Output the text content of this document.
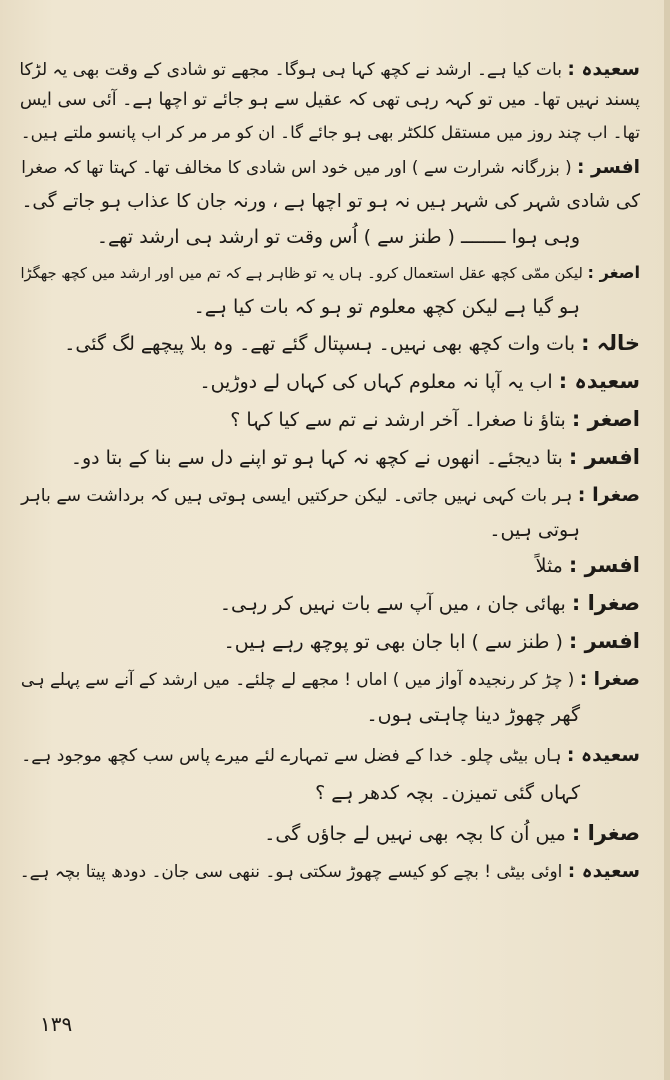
سعیدہ : بات کیا ہے۔ ارشد نے کچھ کہا ہی ہوگا۔ مجھے تو شادی کے وقت بھی یہ لڑکا
پسند نہیں تھا۔ میں تو کہہ رہی تھی کہ عقیل سے ہو جائے تو اچھا ہے۔ آئی سی ایس
تھا۔ اب چند روز میں مستقل کلکٹر بھی ہو جائے گا۔ ان کو مر مر کر اب پانسو ملتے ہیں۔
افسر : ( بزرگانہ شرارت سے ) اور میں خود اس شادی کا مخالف تھا۔ کہتا تھا کہ صغرا
کی شادی شہر کی شہر ہیں نہ ہو تو اچھا ہے ، ورنہ جان کا عذاب ہو جاتے گی۔
وہی ہوا ــــــــ ( طنز سے ) اُس وقت تو ارشد ہی ارشد تھے۔
اصغر : لیکن ممّی کچھ عقل استعمال کرو۔ ہاں یہ تو ظاہر ہے کہ تم میں اور ارشد میں کچھ جھگڑا
ہو گیا ہے لیکن کچھ معلوم تو ہو کہ بات کیا ہے۔
خالہ : بات وات کچھ بھی نہیں۔ ہسپتال گئے تھے۔ وہ بلا پیچھے لگ گئی۔
سعیدہ : اب یہ آپا نہ معلوم کہاں کی کہاں لے دوڑیں۔
اصغر : بتاؤ نا صغرا۔ آخر ارشد نے تم سے کیا کہا ؟
افسر : بتا دیجئے۔ انھوں نے کچھ نہ کہا ہو تو اپنے دل سے بنا کے بتا دو۔
صغرا : ہر بات کہی نہیں جاتی۔ لیکن حرکتیں ایسی ہوتی ہیں کہ برداشت سے باہر
ہوتی ہیں۔
افسر : مثلاً
صغرا : بھائی جان ، میں آپ سے بات نہیں کر رہی۔
افسر : ( طنز سے ) ابا جان بھی تو پوچھ رہے ہیں۔
صغرا : ( چڑ کر رنجیدہ آواز میں ) اماں ! مجھے لے چلئے۔ میں ارشد کے آنے سے پہلے ہی
گھر چھوڑ دینا چاہتی ہوں۔
سعیدہ : ہاں بیٹی چلو۔ خدا کے فضل سے تمہارے لئے میرے پاس سب کچھ موجود ہے۔
کہاں گئی تمیزن۔ بچہ کدھر ہے ؟
صغرا : میں اُن کا بچہ بھی نہیں لے جاؤں گی۔
سعیدہ : اوئی بیٹی ! بچے کو کیسے چھوڑ سکتی ہو۔ ننھی سی جان۔ دودھ پیتا بچہ ہے۔
۱۳۹
